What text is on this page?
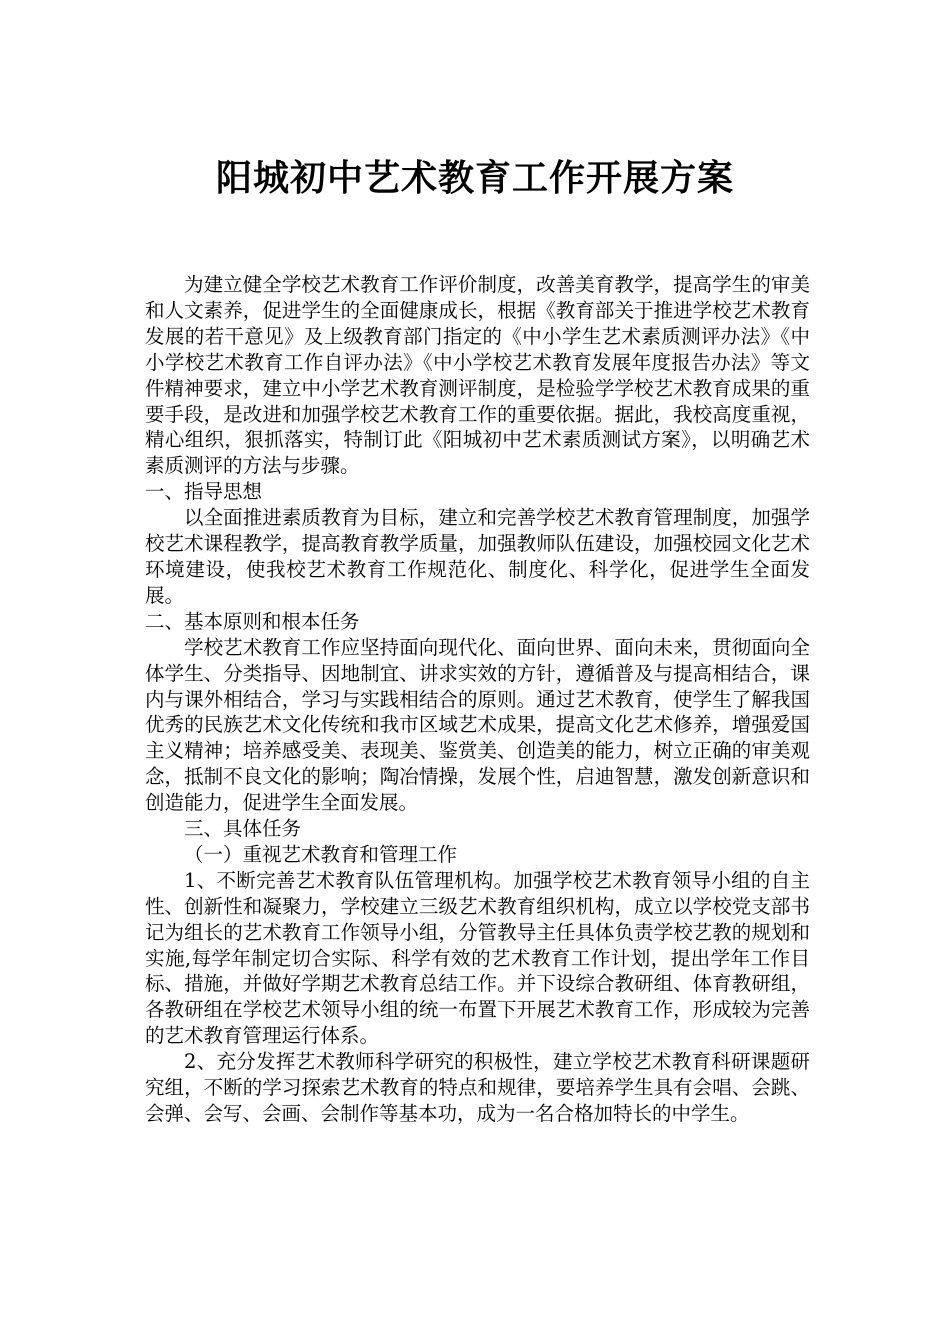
阳城初中艺术教育工作开展方案

为建立健全学校艺术教育工作评价制度，改善美育教学，提高学生的审美和人文素养，促进学生的全面健康成长，根据《教育部关于推进学校艺术教育发展的若干意见》及上级教育部门指定的《中小学生艺术素质测评办法》《中小学校艺术教育工作自评办法》《中小学校艺术教育发展年度报告办法》等文件精神要求，建立中小学艺术教育测评制度，是检验学学校艺术教育成果的重要手段，是改进和加强学校艺术教育工作的重要依据。据此，我校高度重视，精心组织，狠抓落实，特制订此《阳城初中艺术素质测试方案》，以明确艺术素质测评的方法与步骤。

一、指导思想

以全面推进素质教育为目标，建立和完善学校艺术教育管理制度，加强学校艺术课程教学，提高教育教学质量，加强教师队伍建设，加强校园文化艺术环境建设，使我校艺术教育工作规范化、制度化、科学化，促进学生全面发展。

二、基本原则和根本任务

学校艺术教育工作应坚持面向现代化、面向世界、面向未来，贯彻面向全体学生、分类指导、因地制宜、讲求实效的方针，遵循普及与提高相结合，课内与课外相结合，学习与实践相结合的原则。通过艺术教育，使学生了解我国优秀的民族艺术文化传统和我市区域艺术成果，提高文化艺术修养，增强爱国主义精神；培养感受美、表现美、鉴赏美、创造美的能力，树立正确的审美观念，抵制不良文化的影响；陶冶情操，发展个性，启迪智慧，激发创新意识和创造能力，促进学生全面发展。

三、具体任务

（一）重视艺术教育和管理工作

1、不断完善艺术教育队伍管理机构。加强学校艺术教育领导小组的自主性、创新性和凝聚力，学校建立三级艺术教育组织机构，成立以学校党支部书记为组长的艺术教育工作领导小组，分管教导主任具体负责学校艺教的规划和实施,每学年制定切合实际、科学有效的艺术教育工作计划，提出学年工作目标、措施，并做好学期艺术教育总结工作。并下设综合教研组、体育教研组，各教研组在学校艺术领导小组的统一布置下开展艺术教育工作，形成较为完善的艺术教育管理运行体系。

2、充分发挥艺术教师科学研究的积极性，建立学校艺术教育科研课题研究组，不断的学习探索艺术教育的特点和规律，要培养学生具有会唱、会跳、会弹、会写、会画、会制作等基本功，成为一名合格加特长的中学生。
